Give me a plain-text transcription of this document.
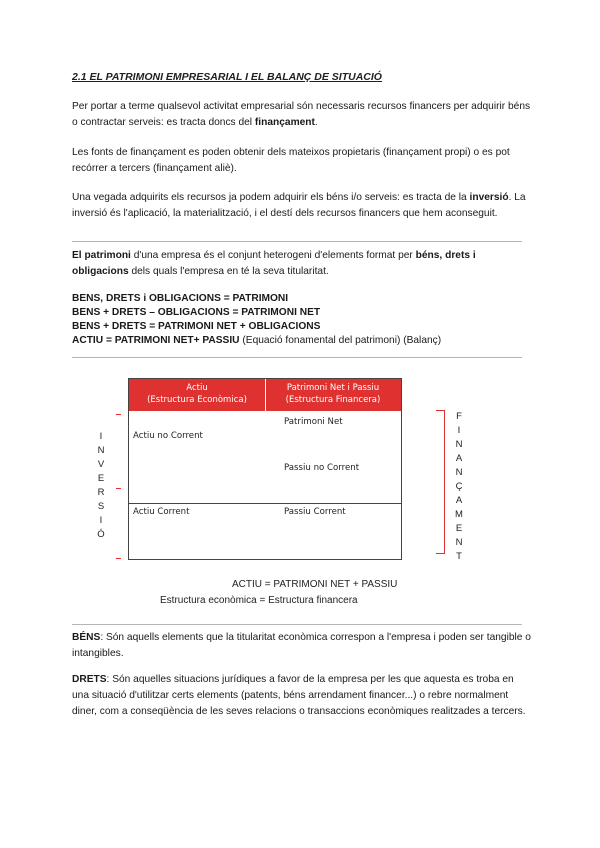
2.1 EL PATRIMONI EMPRESARIAL I EL BALANÇ DE SITUACIÓ
Per portar a terme qualsevol activitat empresarial són necessaris recursos financers per adquirir béns o contractar serveis: es tracta doncs del finançament.
Les fonts de finançament es poden obtenir dels mateixos propietaris (finançament propi) o es pot recórrer a tercers (finançament aliè).
Una vegada adquirits els recursos ja podem adquirir els béns i/o serveis: es tracta de la inversió. La inversió és l'aplicació, la materialització, i el destí dels recursos financers que hem aconseguit.
El patrimoni d'una empresa és el conjunt heterogeni d'elements format per béns, drets i obligacions dels quals l'empresa en té la seva titularitat.
BENS, DRETS i OBLIGACIONS = PATRIMONI
BENS + DRETS – OBLIGACIONS = PATRIMONI NET
BENS + DRETS = PATRIMONI NET + OBLIGACIONS
ACTIU = PATRIMONI NET+ PASSIU (Equació fonamental del patrimoni) (Balanç)
Actiu
(Estructura Econòmica)
Patrimoni Net i Passiu
(Estructura Financera)
Actiu no Corrent
Actiu Corrent
Patrimoni Net
Passiu no Corrent
Passiu Corrent
I
N
V
E
R
S
I
Ó
F
I
N
A
N
Ç
A
M
E
N
T
ACTIU = PATRIMONI NET + PASSIU
Estructura econòmica = Estructura financera
BÉNS: Són aquells elements que la titularitat econòmica correspon a l'empresa i poden ser tangible o intangibles.
DRETS: Són aquelles situacions jurídiques a favor de la empresa per les que aquesta es troba en una situació d'utilitzar certs elements (patents, béns arrendament financer...) o rebre normalment diner, com a conseqüència de les seves relacions o transaccions econòmiques realitzades a tercers.
